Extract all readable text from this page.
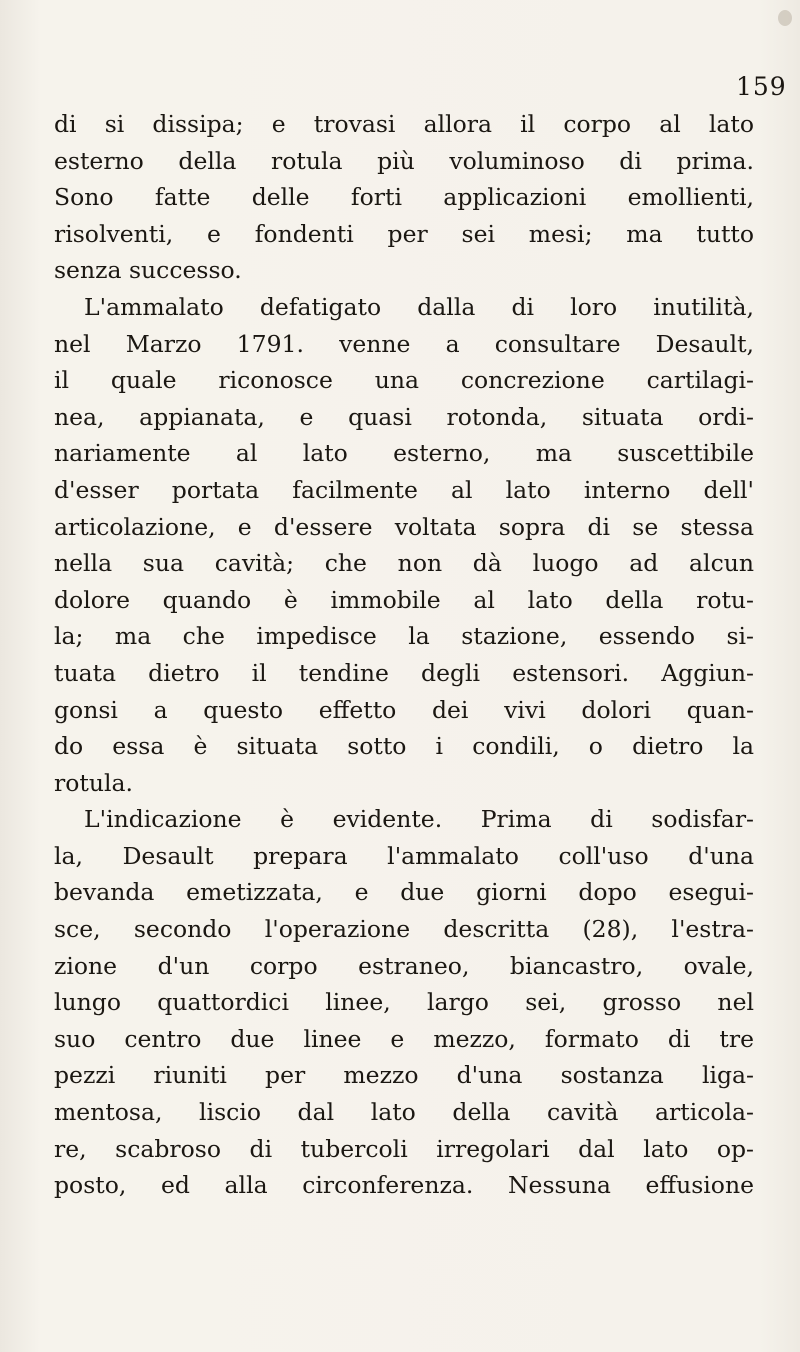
159
di si dissipa; e trovasi allora il corpo al lato
esterno della rotula più voluminoso di prima.
Sono fatte delle forti applicazioni emollienti,
risolventi, e fondenti per sei mesi; ma tutto
senza successo.
L'ammalato defatigato dalla di loro inutilità,
nel Marzo 1791. venne a consultare Desault,
il quale riconosce una concrezione cartilagi-
nea, appianata, e quasi rotonda, situata ordi-
nariamente al lato esterno, ma suscettibile
d'esser portata facilmente al lato interno dell'
articolazione, e d'essere voltata sopra di se stessa
nella sua cavità; che non dà luogo ad alcun
dolore quando è immobile al lato della rotu-
la; ma che impedisce la stazione, essendo si-
tuata dietro il tendine degli estensori. Aggiun-
gonsi a questo effetto dei vivi dolori quan-
do essa è situata sotto i condili, o dietro la
rotula.
L'indicazione è evidente. Prima di sodisfar-
la, Desault prepara l'ammalato coll'uso d'una
bevanda emetizzata, e due giorni dopo esegui-
sce, secondo l'operazione descritta (28), l'estra-
zione d'un corpo estraneo, biancastro, ovale,
lungo quattordici linee, largo sei, grosso nel
suo centro due linee e mezzo, formato di tre
pezzi riuniti per mezzo d'una sostanza liga-
mentosa, liscio dal lato della cavità articola-
re, scabroso di tubercoli irregolari dal lato op-
posto, ed alla circonferenza. Nessuna effusione
